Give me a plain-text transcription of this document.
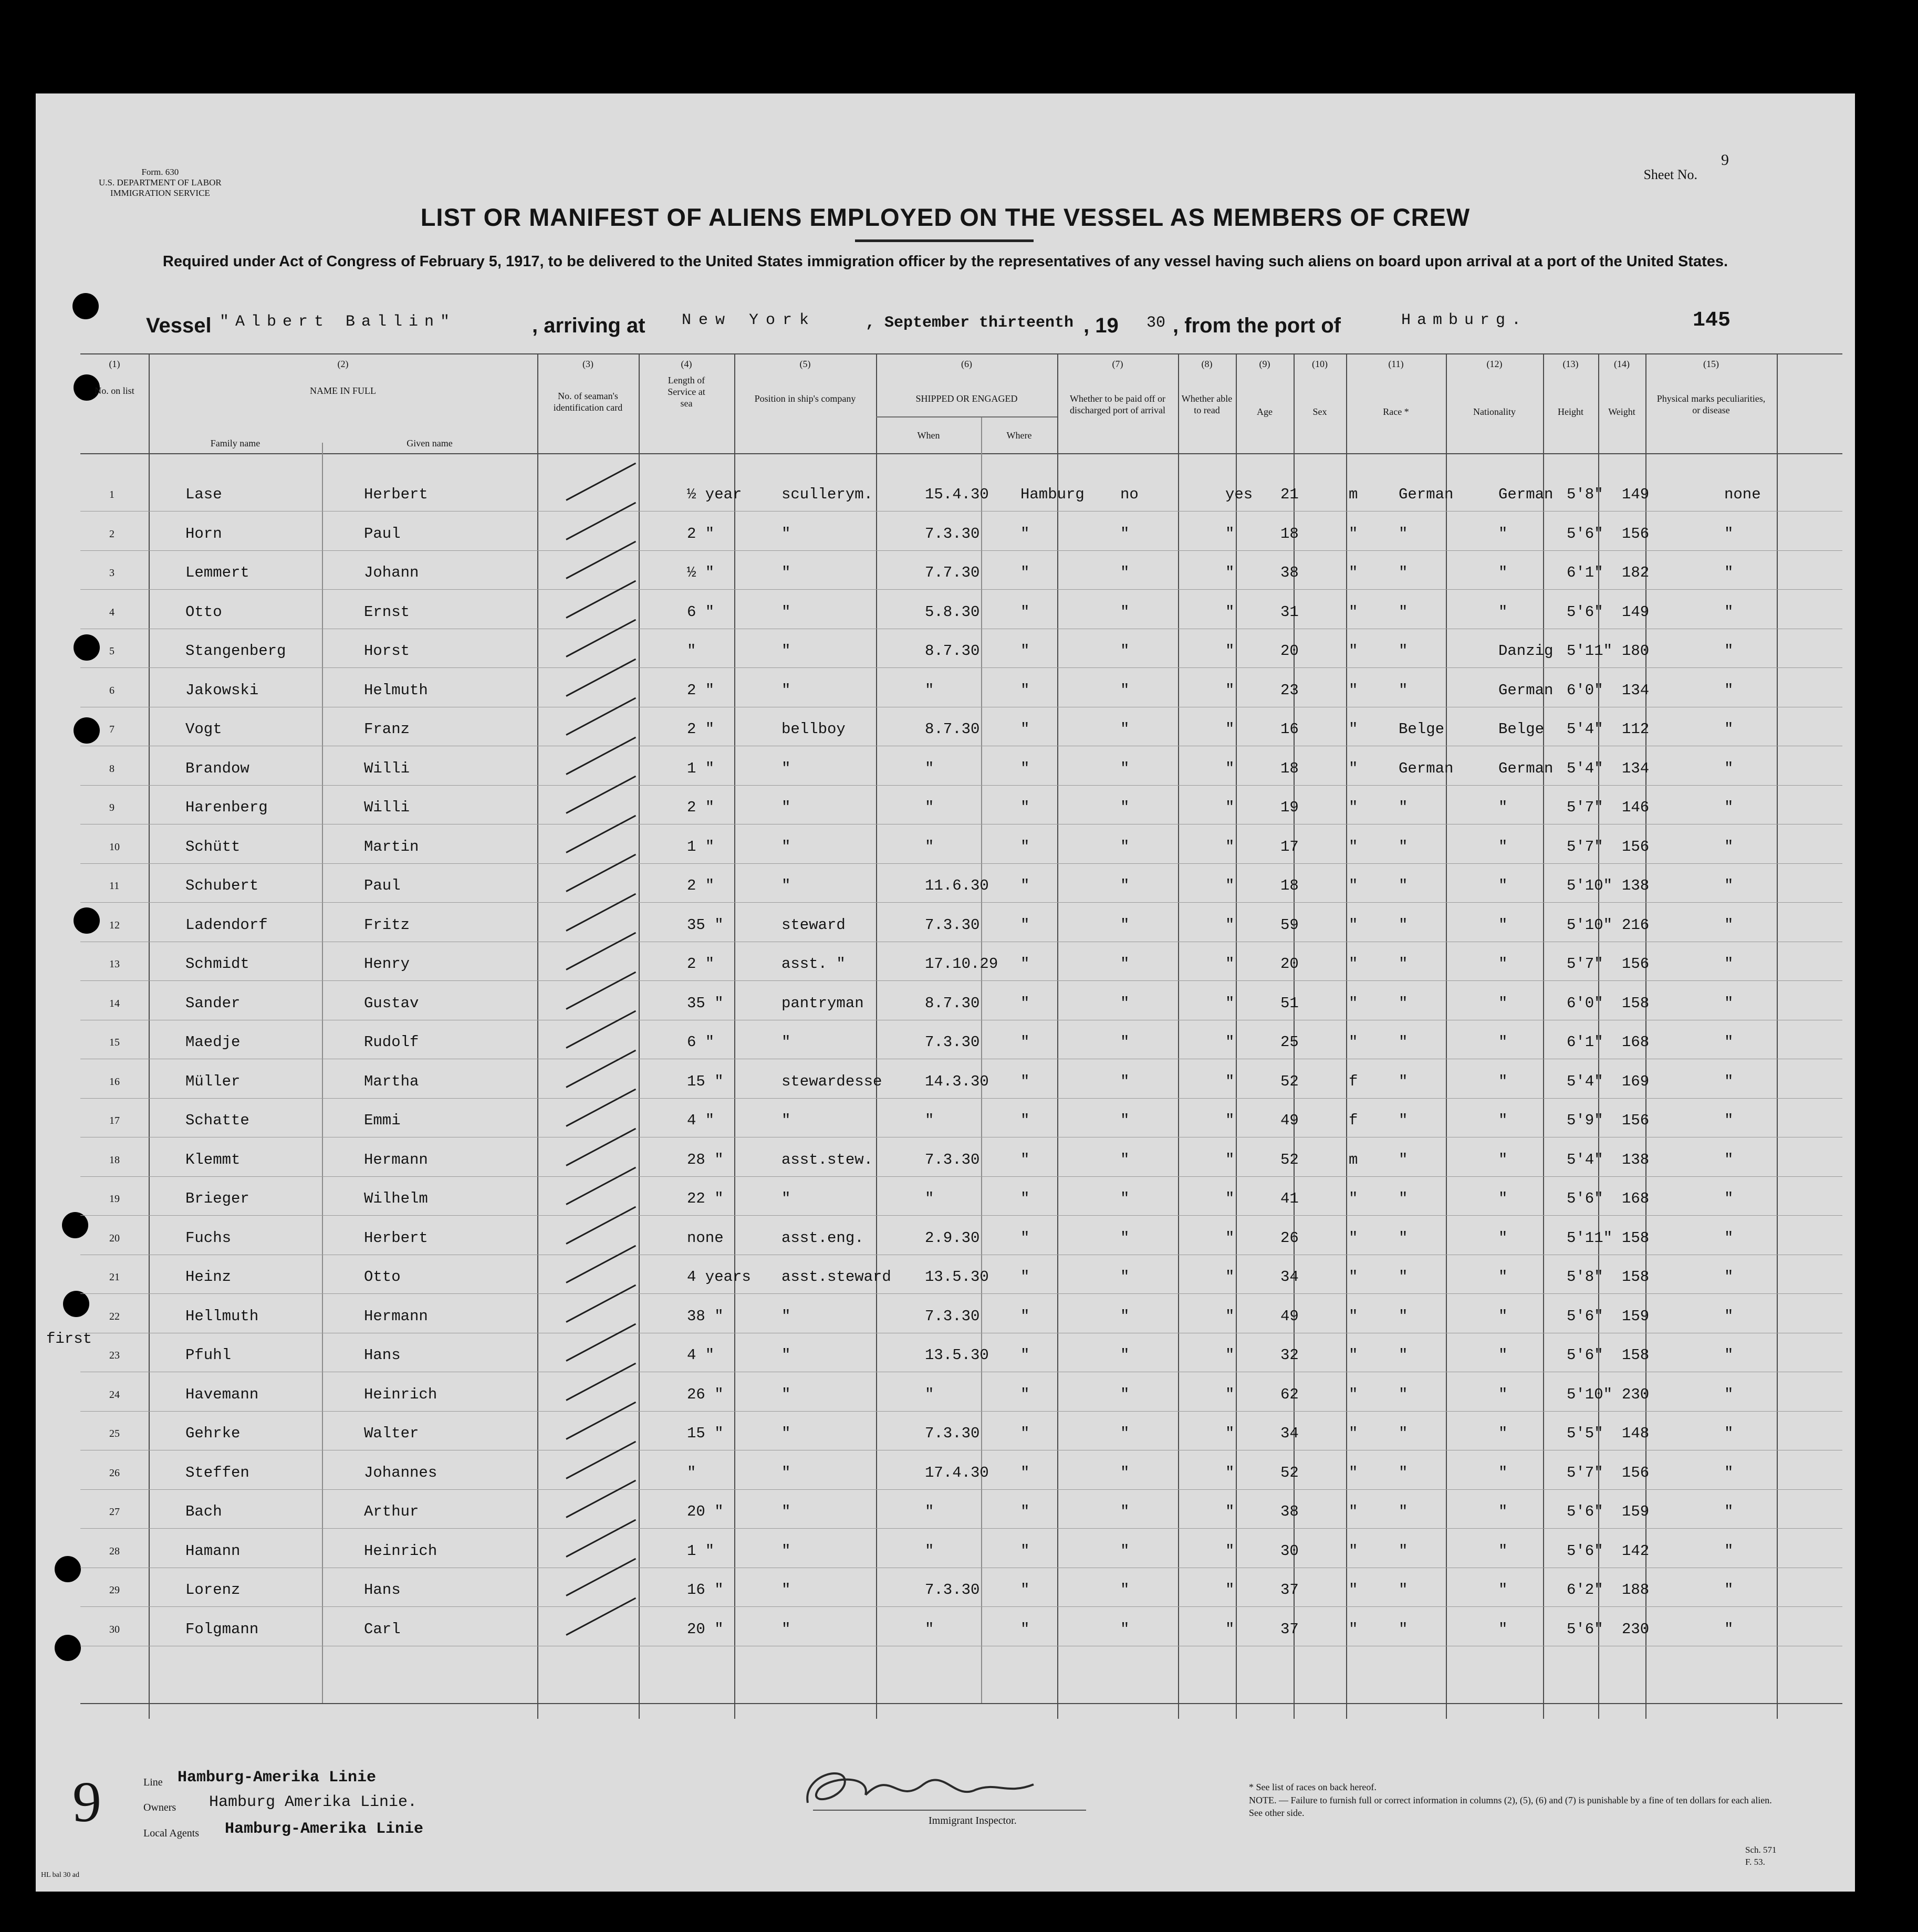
Form. 630
U.S. DEPARTMENT OF LABOR
IMMIGRATION SERVICE
Sheet No.
9
LIST OR MANIFEST OF ALIENS EMPLOYED ON THE VESSEL AS MEMBERS OF CREW
Required under Act of Congress of February 5, 1917, to be delivered to the United States immigration officer by the representatives of any vessel having such aliens on board upon arrival at a port of the United States.
Vessel "Albert Ballin"	, arriving at New York	, September thirteenth , 19 30 , from the port of	Hamburg.	145
(1)
No. on list
(2)
NAME IN FULL
Family name	Given name
(3)
No. of seaman's identification card
(4)
Length of Service at sea
(5)
Position in ship's company
(6)
SHIPPED OR ENGAGED
When	Where
(7)
Whether to be paid off or discharged port of arrival
(8)
Whether able to read
(9)
Age
(10)
Sex
(11)
Race *
(12)
Nationality
(13)
Height
(14)
Weight
(15)
Physical marks peculiarities, or disease
1	Lase	Herbert	½ year	scullerym.	15.4.30 Hamburg no	yes 21	m	German	German 5'8" 149	none
2	Horn	Paul	2 "	"	7.3.30	"	"	"	18	"	"	"	5'6" 156	"
3	Lemmert	Johann	½ "	"	7.7.30	"	"	"	38	"	"	"	6'1" 182	"
4	Otto	Ernst	6 "	"	5.8.30	"	"	"	31	"	"	"	5'6" 149	"
5	Stangenberg	Horst	"	"	8.7.30	"	"	"	20	"	"	Danzig 5'11" 180	"
6	Jakowski	Helmuth	2 "	"	"	"	"	"	23	"	"	German 6'0" 134	"
7	Vogt	Franz	2 "	bellboy	8.7.30	"	"	"	16	"	Belge	Belge 5'4" 112	"
8	Brandow	Willi	1 "	"	"	"	"	"	18	"	German	German 5'4" 134	"
9	Harenberg	Willi	2 "	"	"	"	"	"	19	"	"	"	5'7" 146	"
10	Schütt	Martin	1 "	"	"	"	"	"	17	"	"	"	5'7" 156	"
11	Schubert	Paul	2 "	"	11.6.30 "	"	"	18	"	"	"	5'10" 138	"
12	Ladendorf	Fritz	35 "	steward	7.3.30	"	"	"	59	"	"	"	5'10" 216	"
13	Schmidt	Henry	2 "	asst. "	17.10.29 "	"	"	20	"	"	"	5'7" 156	"
14	Sander	Gustav	35 "	pantryman	8.7.30	"	"	"	51	"	"	"	6'0" 158	"
15	Maedje	Rudolf	6 "	"	7.3.30	"	"	"	25	"	"	"	6'1" 168	"
16	Müller	Martha	15 "	stewardesse	14.3.30 "	"	"	52	f	"	"	5'4" 169	"
17	Schatte	Emmi	4 "	"	"	"	"	"	49	f	"	"	5'9" 156	"
18	Klemmt	Hermann	28 "	asst.stew.	7.3.30	"	"	"	52	m	"	"	5'4" 138	"
19	Brieger	Wilhelm	22 "	"	"	"	"	"	41	"	"	"	5'6" 168	"
20	Fuchs	Herbert	none	asst.eng.	2.9.30	"	"	"	26	"	"	"	5'11" 158	"
21	Heinz	Otto	4 years asst.steward 13.5.30 "	"	"	34	"	"	"	5'8" 158	"
22	Hellmuth	Hermann	38 "	"	7.3.30	"	"	"	49	"	"	"	5'6" 159	"
23	Pfuhl	Hans	4 "	"	13.5.30 "	"	"	32	"	"	"	5'6" 158	"
24	Havemann	Heinrich	26 "	"	"	"	"	"	62	"	"	"	5'10" 230	"
25	Gehrke	Walter	15 "	"	7.3.30	"	"	"	34	"	"	"	5'5" 148	"
26	Steffen	Johannes	"	"	17.4.30 "	"	"	52	"	"	"	5'7" 156	"
27	Bach	Arthur	20 "	"	"	"	"	"	38	"	"	"	5'6" 159	"
28	Hamann	Heinrich	1 "	"	"	"	"	"	30	"	"	"	5'6" 142	"
29	Lorenz	Hans	16 "	"	7.3.30	"	"	"	37	"	"	"	6'2" 188	"
30	Folgmann	Carl	20 "	"	"	"	"	"	37	"	"	"	5'6" 230	"
first
Line Hamburg-Amerika Linie
Owners Hamburg Amerika Linie.
Local Agents Hamburg-Amerika Linie
9	Immigrant Inspector.
* See list of races on back hereof.
NOTE. — Failure to furnish full or correct information in columns (2), (5), (6) and (7) is punishable by a fine of ten dollars for each alien. See other side.
Sch. 571
F. 53.
HL bal 30 ad
